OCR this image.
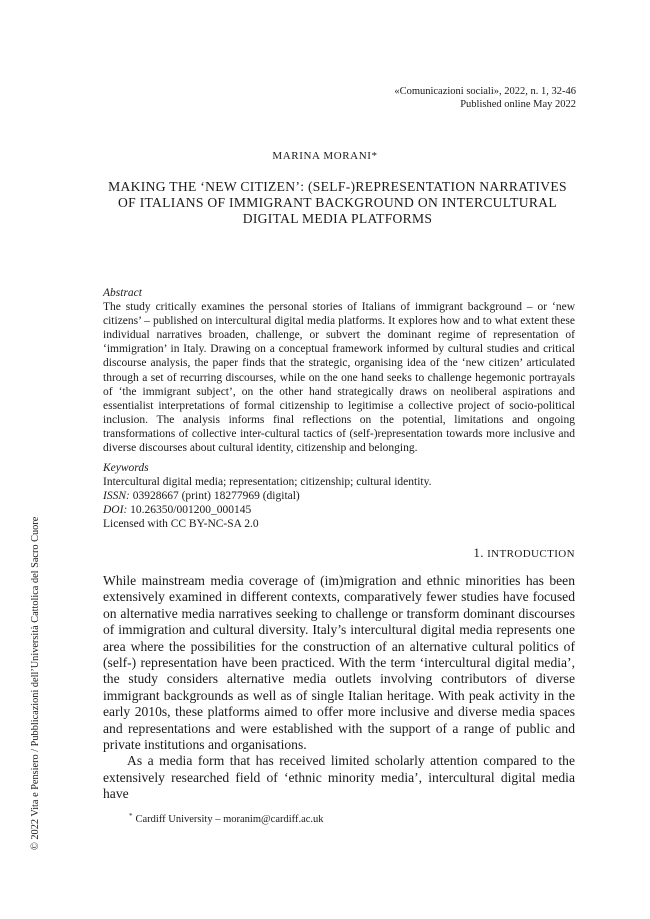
«Comunicazioni sociali», 2022, n. 1, 32-46
Published online May 2022
MARINA MORANI*
MAKING THE ‘NEW CITIZEN’: (SELF-)REPRESENTATION NARRATIVES
OF ITALIANS OF IMMIGRANT BACKGROUND ON INTERCULTURAL
DIGITAL MEDIA PLATFORMS
Abstract

The study critically examines the personal stories of Italians of immigrant background – or ‘new citizens’ – published on intercultural digital media platforms. It explores how and to what extent these individual narratives broaden, challenge, or subvert the dominant regime of representation of ‘immigration’ in Italy. Drawing on a conceptual framework informed by cultural studies and critical discourse analysis, the paper finds that the strategic, organising idea of the ‘new citizen’ articulated through a set of recurring discourses, while on the one hand seeks to challenge hegemonic portrayals of ‘the immigrant subject’, on the other hand strategically draws on neoliberal aspirations and essentialist interpretations of formal citizenship to legitimise a collective project of socio-political inclusion. The analysis informs final reflections on the potential, limitations and ongoing transformations of collective inter-cultural tactics of (self-)representation towards more inclusive and diverse discourses about cultural identity, citizenship and belonging.

Keywords
Intercultural digital media; representation; citizenship; cultural identity.
ISSN: 03928667 (print) 18277969 (digital)
DOI: 10.26350/001200_000145
Licensed with CC BY-NC-SA 2.0
1. INTRODUCTION

While mainstream media coverage of (im)migration and ethnic minorities has been extensively examined in different contexts, comparatively fewer studies have focused on alternative media narratives seeking to challenge or transform dominant discourses of immigration and cultural diversity. Italy’s intercultural digital media represents one area where the possibilities for the construction of an alternative cultural politics of (self-) representation have been practiced. With the term ‘intercultural digital media’, the study considers alternative media outlets involving contributors of diverse immigrant backgrounds as well as of single Italian heritage. With peak activity in the early 2010s, these platforms aimed to offer more inclusive and diverse media spaces and representations and were established with the support of a range of public and private institutions and organisations.

As a media form that has received limited scholarly attention compared to the extensively researched field of ‘ethnic minority media’, intercultural digital media have

* Cardiff University – moranim@cardiff.ac.uk
© 2022 Vita e Pensiero / Pubblicazioni dell’Università Cattolica del Sacro Cuore
